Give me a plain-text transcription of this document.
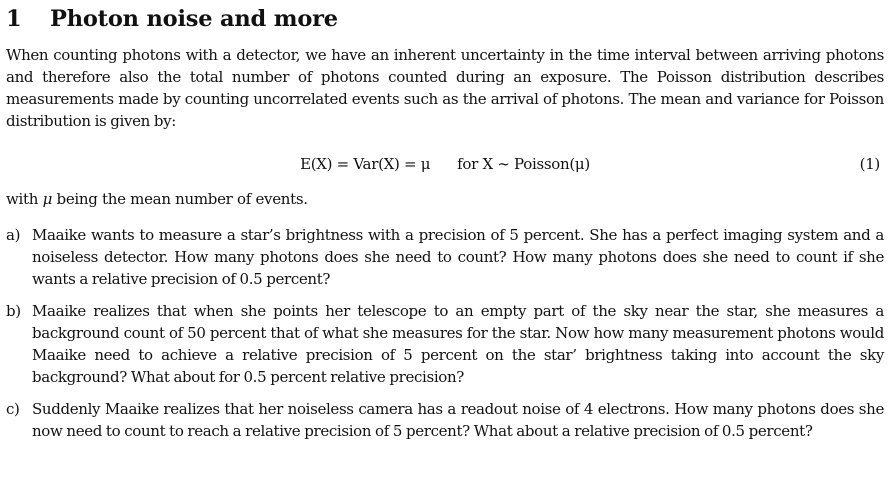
1	Photon noise and more

When counting photons with a detector, we have an inherent uncertainty in the time interval between arriving photons and therefore also the total number of photons counted during an exposure. The Poisson distribution describes measurements made by counting uncorrelated events such as the arrival of photons. The mean and variance for Poisson distribution is given by:

E(X) = Var(X) = μ for X ∼ Poisson(μ)	(1)

with μ being the mean number of events.

a) Maaike wants to measure a star’s brightness with a precision of 5 percent. She has a perfect imaging system and a noiseless detector. How many photons does she need to count? How many photons does she need to count if she wants a relative precision of 0.5 percent?
b) Maaike realizes that when she points her telescope to an empty part of the sky near the star, she measures a background count of 50 percent that of what she measures for the star. Now how many measurement photons would Maaike need to achieve a relative precision of 5 percent on the star’ brightness taking into account the sky background? What about for 0.5 percent relative precision?
c) Suddenly Maaike realizes that her noiseless camera has a readout noise of 4 electrons. How many photons does she now need to count to reach a relative precision of 5 percent? What about a relative precision of 0.5 percent?
